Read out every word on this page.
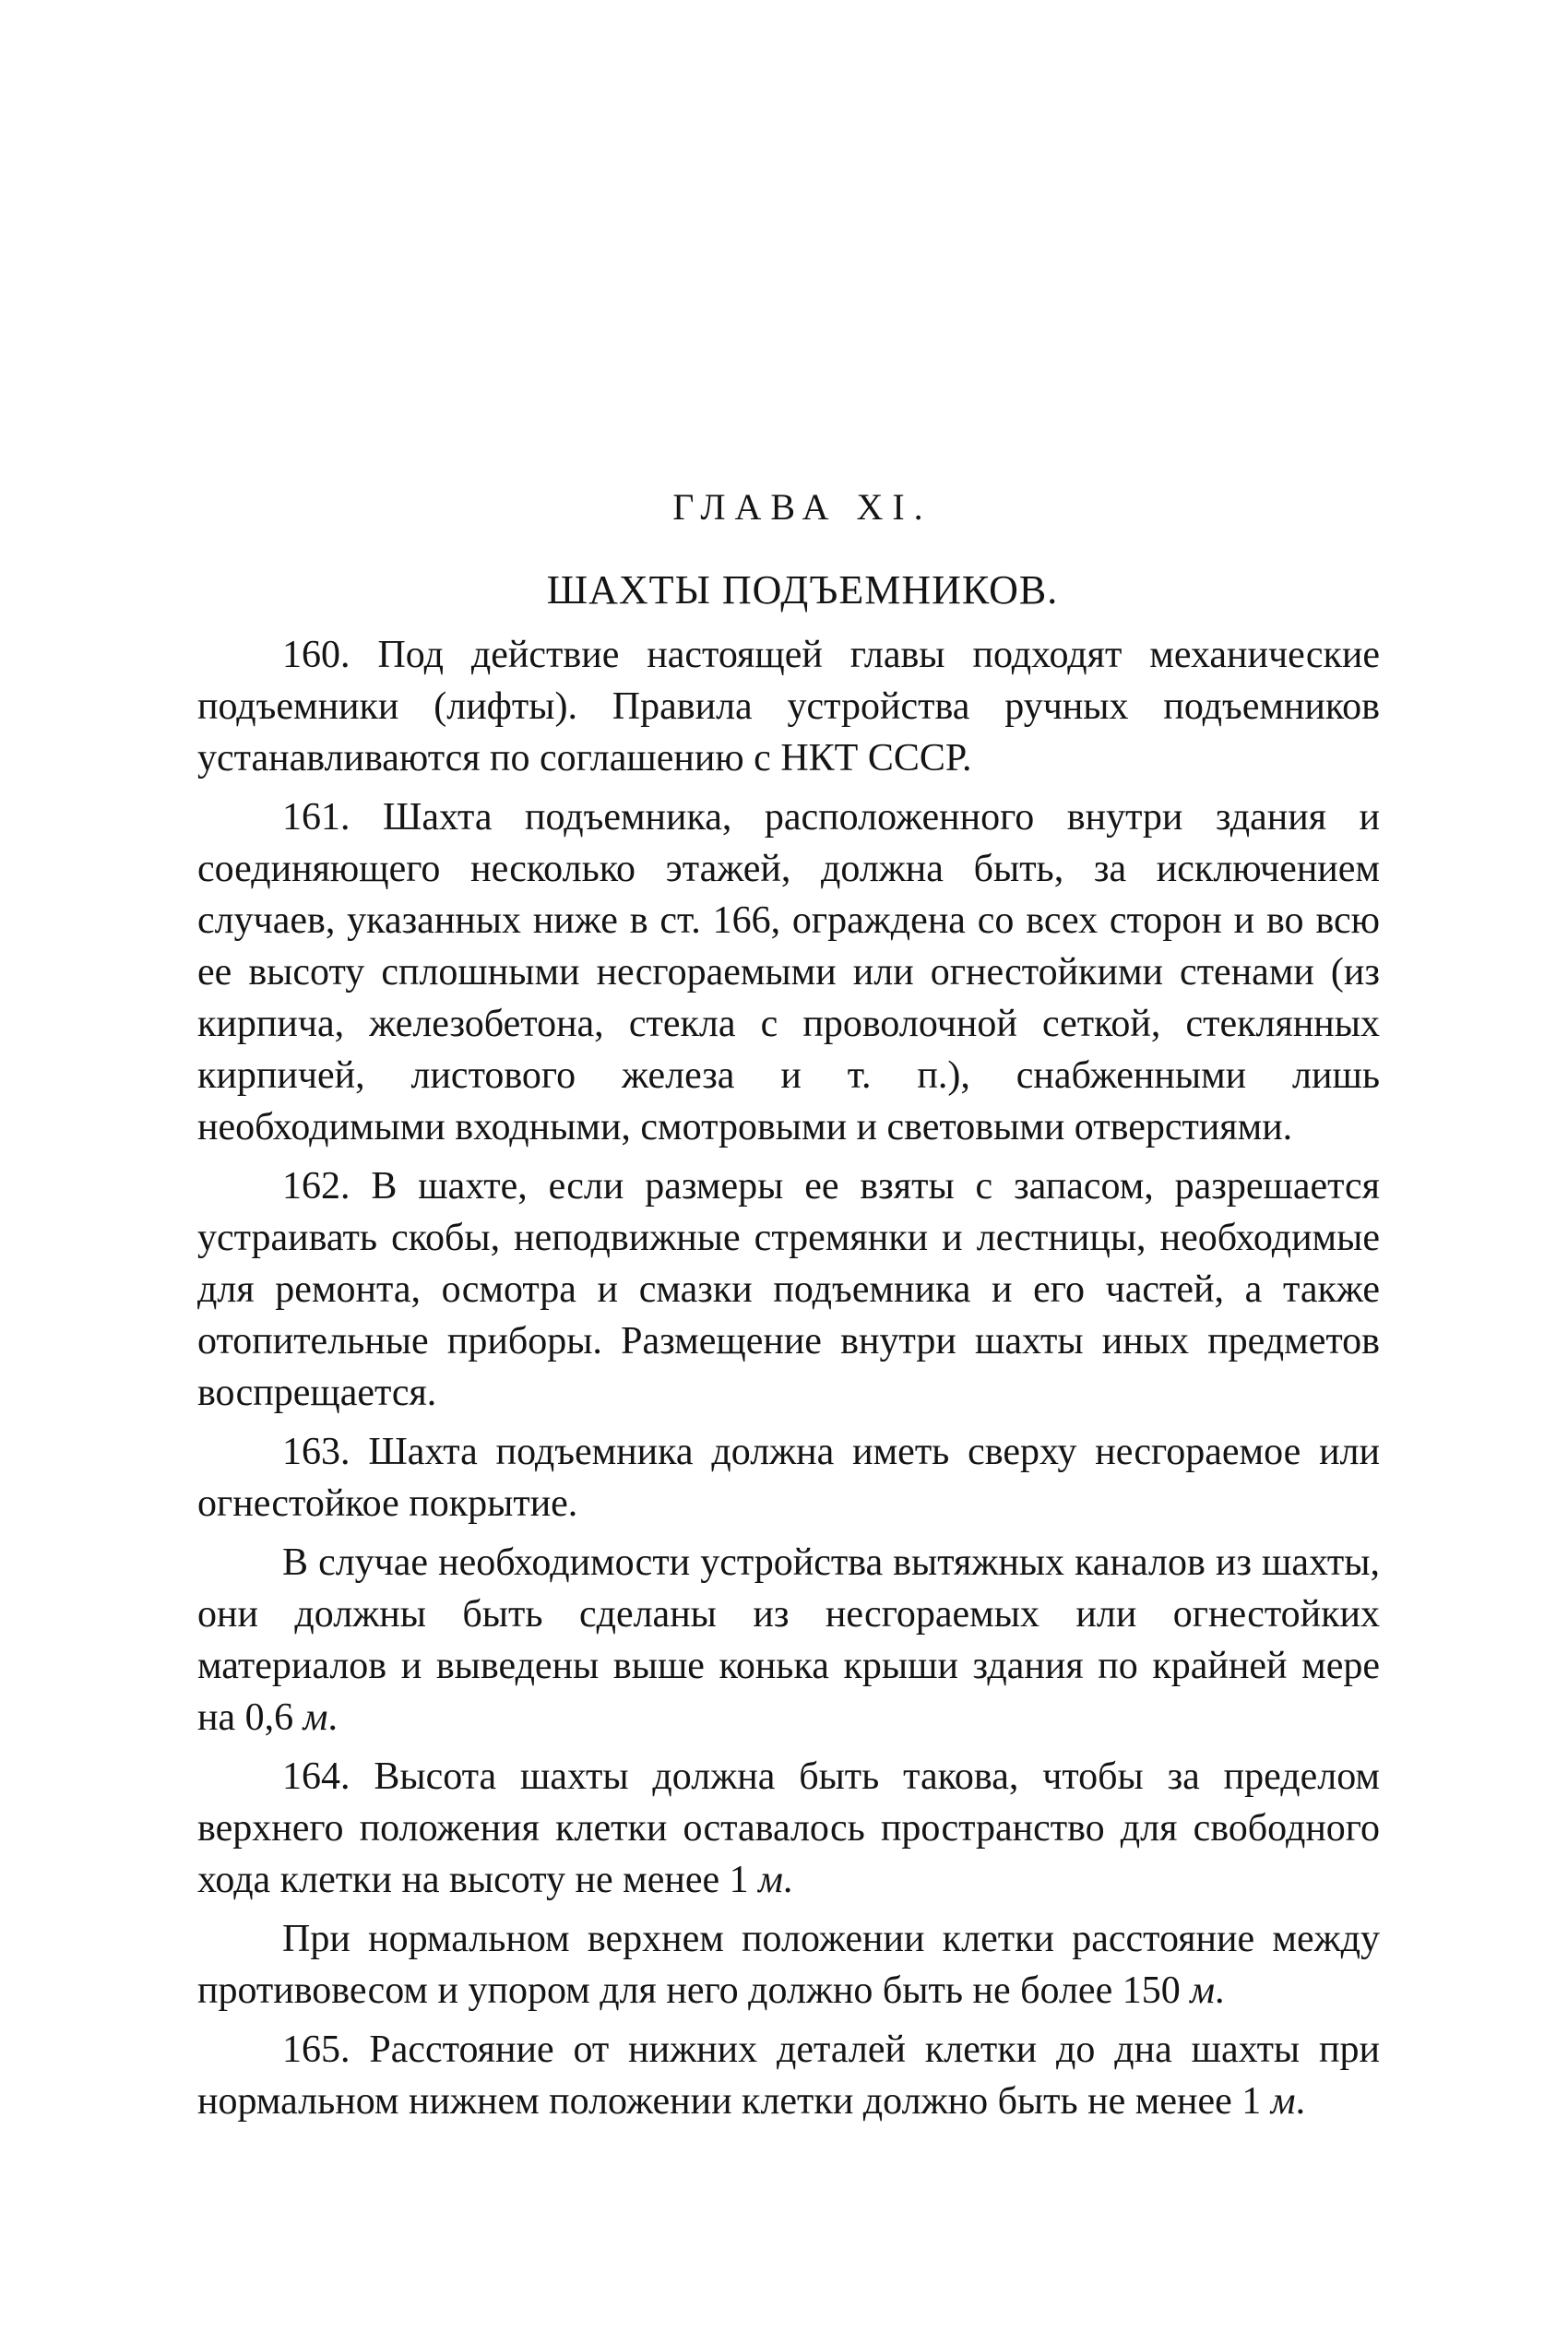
ГЛАВА XI.
ШАХТЫ ПОДЪЕМНИКОВ.

160. Под действие настоящей главы подходят механические подъемники (лифты). Правила устройства ручных подъемников устанавливаются по соглашению с НКТ СССР.

161. Шахта подъемника, расположенного внутри здания и соединяющего несколько этажей, должна быть, за исключением случаев, указанных ниже в ст. 166, ограждена со всех сторон и во всю ее высоту сплошными несгораемыми или огнестойкими стенами (из кирпича, железобетона, стекла с проволочной сеткой, стеклянных кирпичей, листового железа и т. п.), снабженными лишь необходимыми входными, смотровыми и световыми отверстиями.

162. В шахте, если размеры ее взяты с запасом, разрешается устраивать скобы, неподвижные стремянки и лестницы, необходимые для ремонта, осмотра и смазки подъемника и его частей, а также отопительные приборы. Размещение внутри шахты иных предметов воспрещается.

163. Шахта подъемника должна иметь сверху несгораемое или огнестойкое покрытие.

В случае необходимости устройства вытяжных каналов из шахты, они должны быть сделаны из несгораемых или огнестойких материалов и выведены выше конька крыши здания по крайней мере на 0,6 м.

164. Высота шахты должна быть такова, чтобы за пределом верхнего положения клетки оставалось пространство для свободного хода клетки на высоту не менее 1 м.

При нормальном верхнем положении клетки расстояние между противовесом и упором для него должно быть не более 150 м.

165. Расстояние от нижних деталей клетки до дна шахты при нормальном нижнем положении клетки должно быть не менее 1 м.
